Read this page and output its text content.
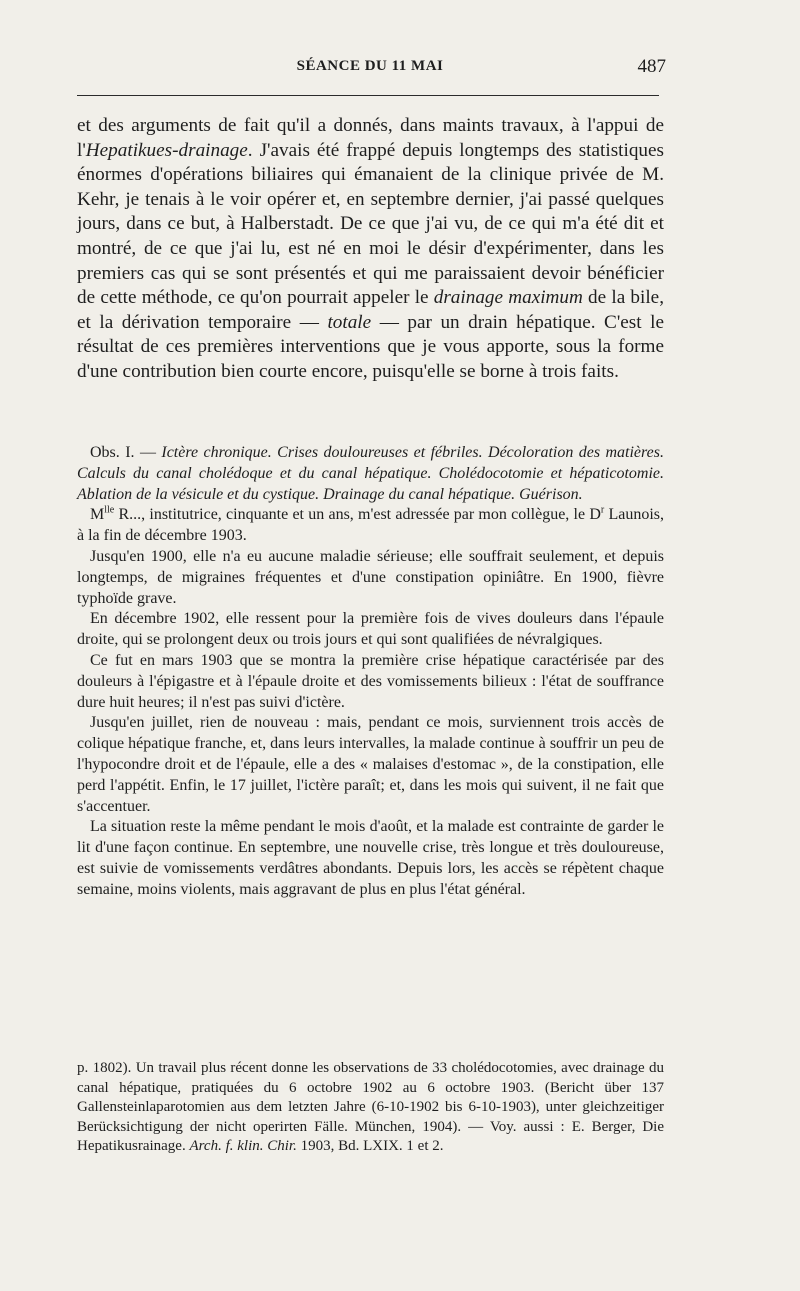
SÉANCE DU 11 MAI	487

et des arguments de fait qu'il a donnés, dans maints travaux, à l'appui de l'Hepatikues-drainage. J'avais été frappé depuis longtemps des statistiques énormes d'opérations biliaires qui émanaient de la clinique privée de M. Kehr, je tenais à le voir opérer et, en septembre dernier, j'ai passé quelques jours, dans ce but, à Halberstadt. De ce que j'ai vu, de ce qui m'a été dit et montré, de ce que j'ai lu, est né en moi le désir d'expérimenter, dans les premiers cas qui se sont présentés et qui me paraissaient devoir bénéficier de cette méthode, ce qu'on pourrait appeler le drainage maximum de la bile, et la dérivation temporaire — totale — par un drain hépatique. C'est le résultat de ces premières interventions que je vous apporte, sous la forme d'une contribution bien courte encore, puisqu'elle se borne à trois faits.

Obs. I. — Ictère chronique. Crises douloureuses et fébriles. Décoloration des matières. Calculs du canal cholédoque et du canal hépatique. Cholédocotomie et hépaticotomie. Ablation de la vésicule et du cystique. Drainage du canal hépatique. Guérison.

$M^{lle}$ R..., institutrice, cinquante et un ans, m'est adressée par mon collègue, le $D^r$ Launois, à la fin de décembre 1903.

Jusqu'en 1900, elle n'a eu aucune maladie sérieuse; elle souffrait seulement, et depuis longtemps, de migraines fréquentes et d'une constipation opiniâtre. En 1900, fièvre typhoïde grave.

En décembre 1902, elle ressent pour la première fois de vives douleurs dans l'épaule droite, qui se prolongent deux ou trois jours et qui sont qualifiées de névralgiques.

Ce fut en mars 1903 que se montra la première crise hépatique caractérisée par des douleurs à l'épigastre et à l'épaule droite et des vomissements bilieux : l'état de souffrance dure huit heures; il n'est pas suivi d'ictère.

Jusqu'en juillet, rien de nouveau : mais, pendant ce mois, surviennent trois accès de colique hépatique franche, et, dans leurs intervalles, la malade continue à souffrir un peu de l'hypocondre droit et de l'épaule, elle a des « malaises d'estomac », de la constipation, elle perd l'appétit. Enfin, le 17 juillet, l'ictère paraît; et, dans les mois qui suivent, il ne fait que s'accentuer.

La situation reste la même pendant le mois d'août, et la malade est contrainte de garder le lit d'une façon continue. En septembre, une nouvelle crise, très longue et très douloureuse, est suivie de vomissements verdâtres abondants. Depuis lors, les accès se répètent chaque semaine, moins violents, mais aggravant de plus en plus l'état général.

p. 1802). Un travail plus récent donne les observations de 33 cholédocotomies, avec drainage du canal hépatique, pratiquées du 6 octobre 1902 au 6 octobre 1903. (Bericht über 137 Gallensteinlaparotomien aus dem letzten Jahre (6-10-1902 bis 6-10-1903), unter gleichzeitiger Berücksichtigung der nicht operirten Fälle. München, 1904). — Voy. aussi : E. Berger, Die Hepatikusrainage. Arch. f. klin. Chir. 1903, Bd. LXIX. 1 et 2.
